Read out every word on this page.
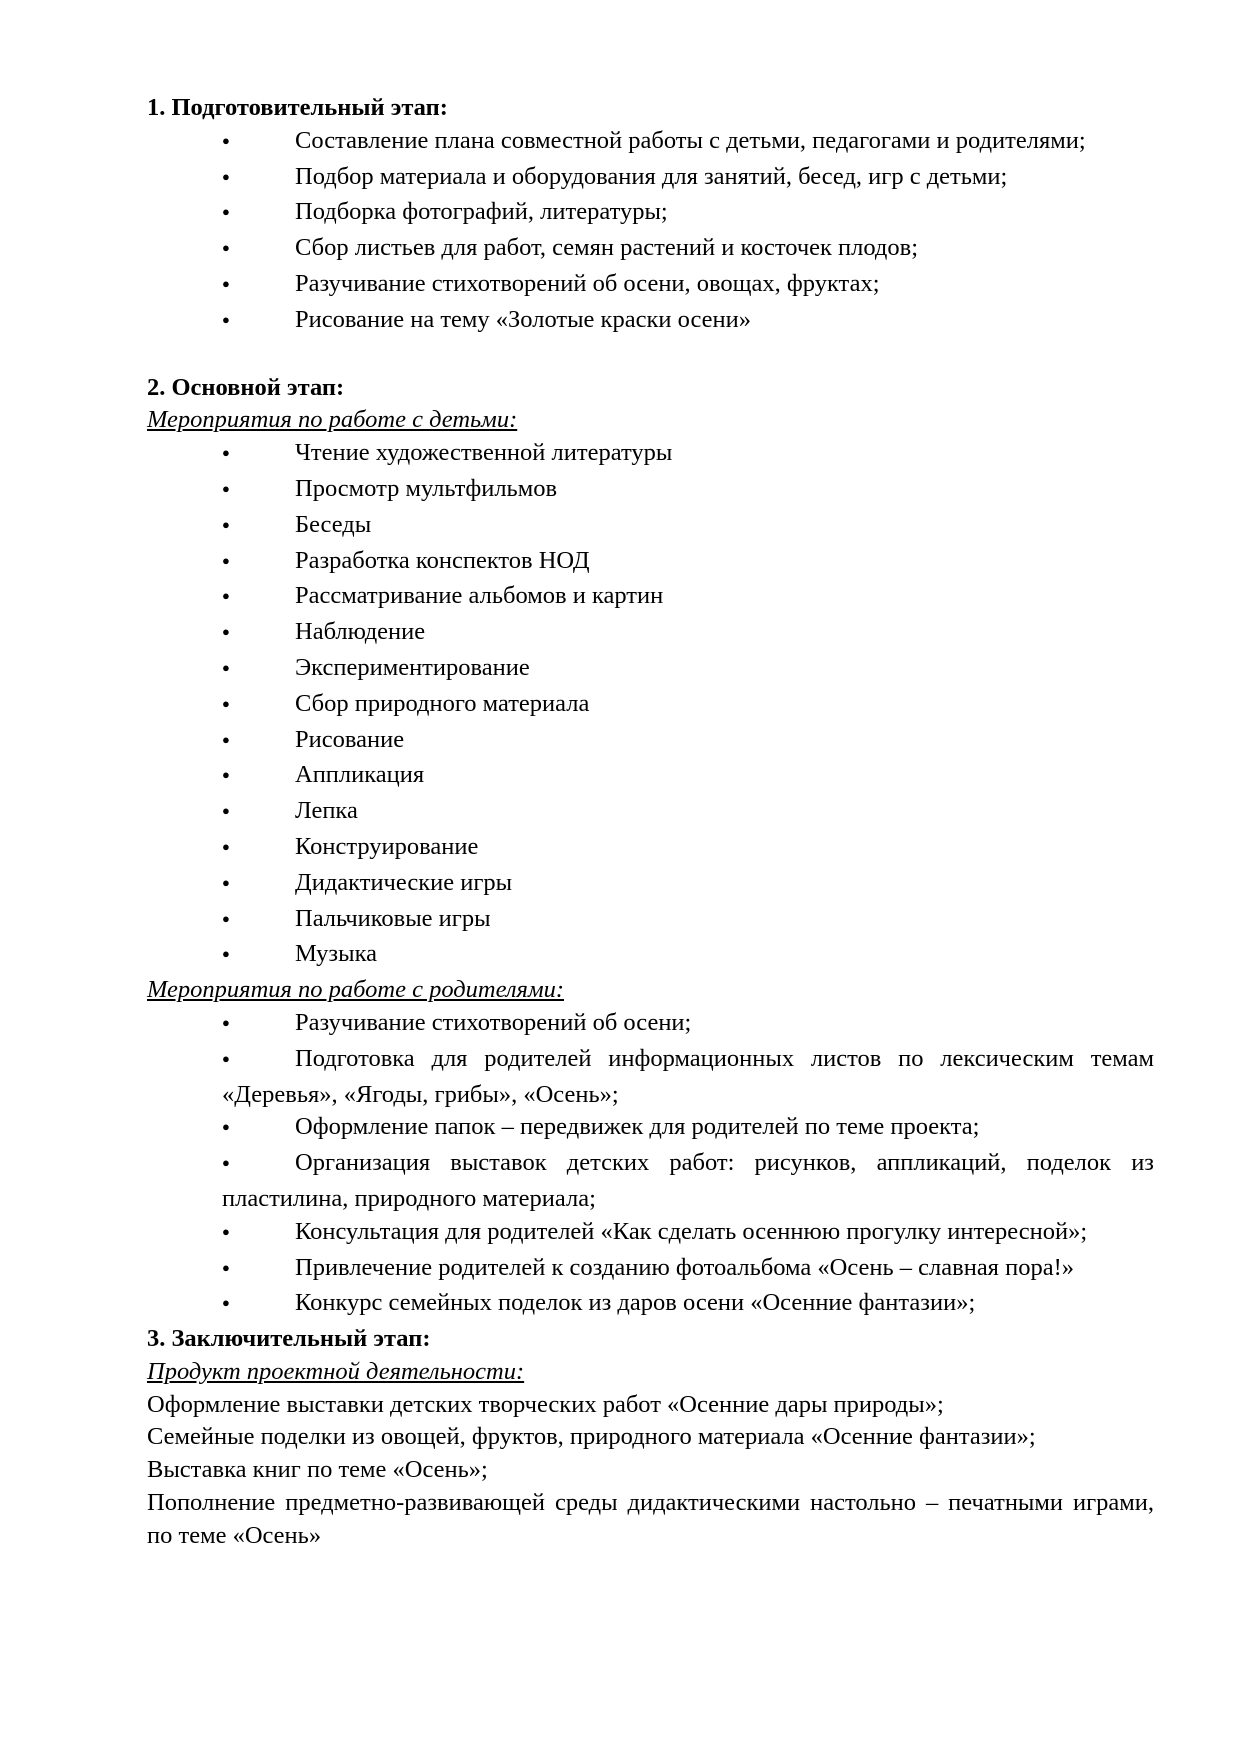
1. Подготовительный этап:

●Составление плана совместной работы с детьми, педагогами и родителями;
●Подбор материала и оборудования для занятий, бесед, игр с детьми;
●Подборка фотографий, литературы;
●Сбор листьев для работ, семян растений и косточек плодов;
●Разучивание стихотворений об осени, овощах, фруктах;
●Рисование на тему «Золотые краски осени»

2. Основной этап:

Мероприятия по работе с детьми:

●Чтение художественной литературы
●Просмотр мультфильмов
●Беседы
●Разработка конспектов НОД
●Рассматривание альбомов и картин
●Наблюдение
●Экспериментирование
●Сбор природного материала
●Рисование
●Аппликация
●Лепка
●Конструирование
●Дидактические игры
●Пальчиковые игры
●Музыка

Мероприятия по работе с родителями:

●Разучивание стихотворений об осени;
●Подготовка для родителей информационных листов по лексическим темам «Деревья», «Ягоды, грибы», «Осень»;
●Оформление папок – передвижек для родителей по теме проекта;
●Организация выставок детских работ: рисунков, аппликаций, поделок из пластилина, природного материала;
●Консультация для родителей «Как сделать осеннюю прогулку интересной»;
●Привлечение родителей к созданию фотоальбома «Осень – славная пора!»
●Конкурс семейных поделок из даров осени «Осенние фантазии»;

3. Заключительный этап:

Продукт проектной деятельности:

Оформление выставки детских творческих работ «Осенние дары природы»;

Семейные поделки из овощей, фруктов, природного материала «Осенние фантазии»;

Выставка книг по теме «Осень»;

Пополнение предметно-развивающей среды дидактическими настольно – печатными играми, по теме «Осень»
